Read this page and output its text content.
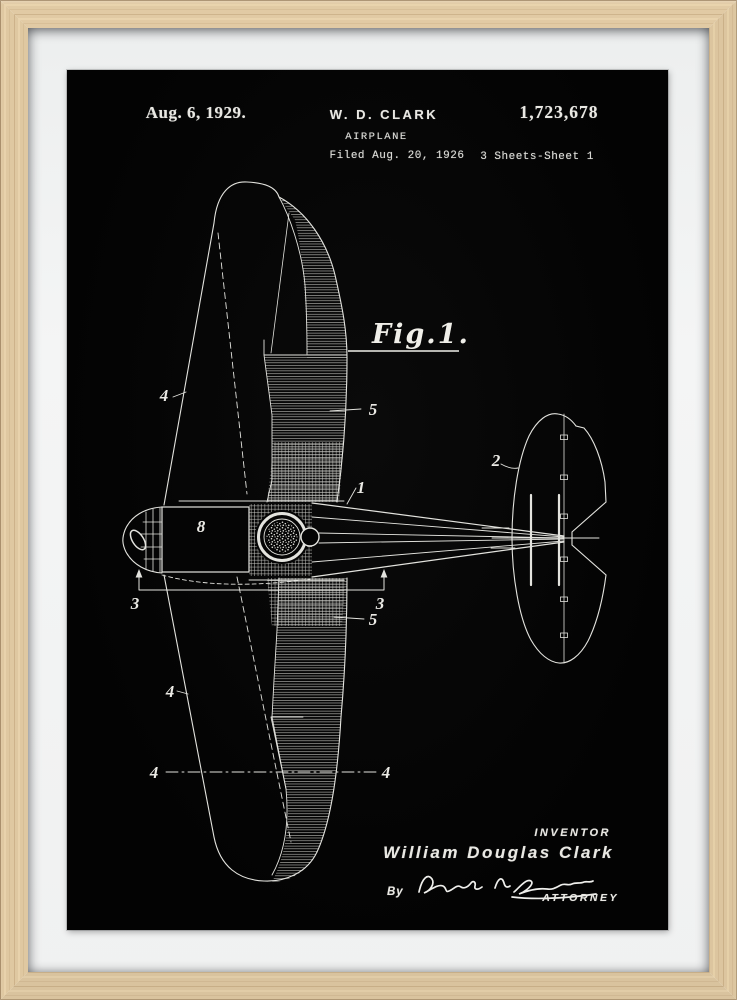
Aug. 6, 1929.	W. D. CLARK
AIRPLANE
Filed Aug. 20, 1926
1,723,678
3 Sheets-Sheet 1
4
5
1
2
8
3	3
5
4
4	4
Fig.1.
INVENTOR
William Douglas Clark
By	ATTORNEY
